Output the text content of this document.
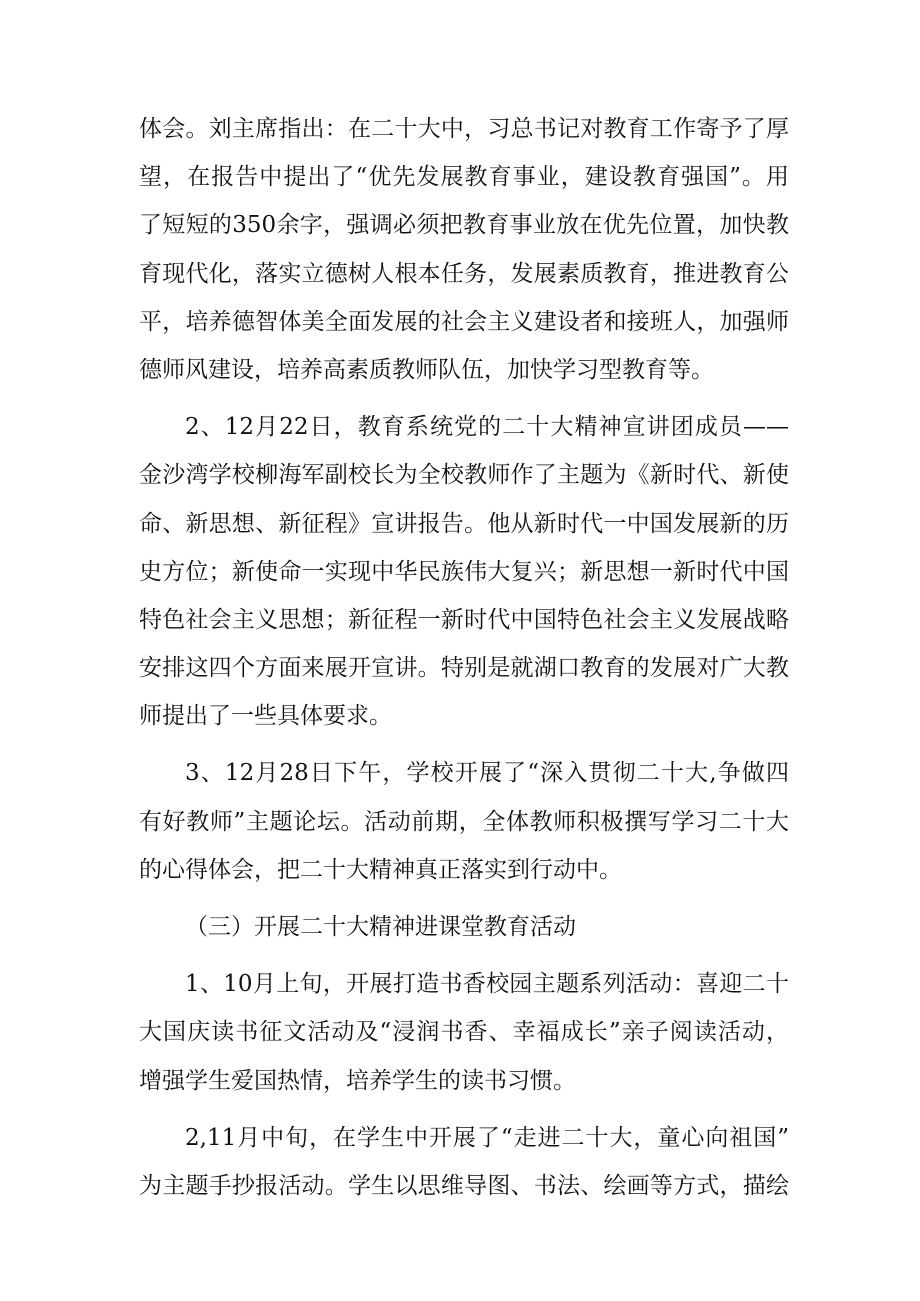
体会。刘主席指出：在二十大中，习总书记对教育工作寄予了厚
望，在报告中提出了“优先发展教育事业，建设教育强国”。用
了短短的350余字，强调必须把教育事业放在优先位置，加快教
育现代化，落实立德树人根本任务，发展素质教育，推进教育公
平，培养德智体美全面发展的社会主义建设者和接班人，加强师
德师风建设，培养高素质教师队伍，加快学习型教育等。
2、12月22日，教育系统党的二十大精神宣讲团成员——
金沙湾学校柳海军副校长为全校教师作了主题为《新时代、新使
命、新思想、新征程》宣讲报告。他从新时代一中国发展新的历
史方位；新使命一实现中华民族伟大复兴；新思想一新时代中国
特色社会主义思想；新征程一新时代中国特色社会主义发展战略
安排这四个方面来展开宣讲。特别是就湖口教育的发展对广大教
师提出了一些具体要求。
3、12月28日下午，学校开展了“深入贯彻二十大,争做四
有好教师”主题论坛。活动前期，全体教师积极撰写学习二十大
的心得体会，把二十大精神真正落实到行动中。
（三）开展二十大精神进课堂教育活动
1、10月上旬，开展打造书香校园主题系列活动：喜迎二十
大国庆读书征文活动及“浸润书香、幸福成长”亲子阅读活动，
增强学生爱国热情，培养学生的读书习惯。
2,11月中旬，在学生中开展了“走进二十大，童心向祖国”
为主题手抄报活动。学生以思维导图、书法、绘画等方式，描绘
